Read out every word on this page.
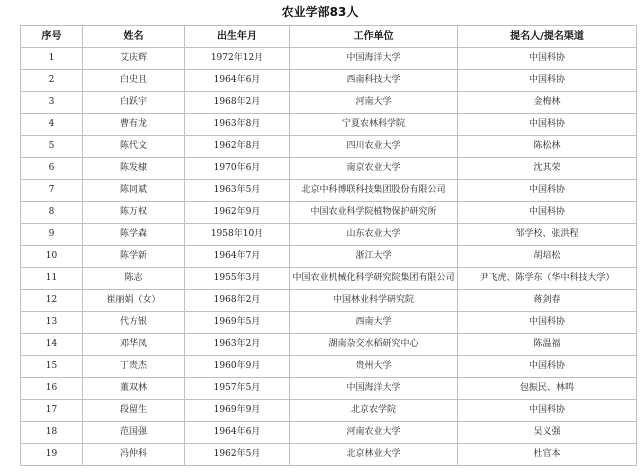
农业学部83人
序号	姓名	出生年月	工作单位	提名人/提名渠道
1	艾庆辉	1972年12月	中国海洋大学	中国科协
2	白史且	1964年6月	西南科技大学	中国科协
3	白跃宇	1968年2月	河南大学	金梅林
4	曹有龙	1963年8月	宁夏农林科学院	中国科协
5	陈代文	1962年8月	四川农业大学	陈松林
6	陈发棣	1970年6月	南京农业大学	沈其荣
7	陈同斌	1963年5月	北京中科博联科技集团股份有限公司	中国科协
8	陈万权	1962年9月	中国农业科学院植物保护研究所	中国科协
9	陈学森	1958年10月	山东农业大学	邹学校、张洪程
10	陈学新	1964年7月	浙江大学	胡培松
11	陈志	1955年3月	中国农业机械化科学研究院集团有限公司	尹飞虎、陈学东（华中科技大学）
12	崔丽娟（女）	1968年2月	中国林业科学研究院	蒋剑春
13	代方银	1969年5月	西南大学	中国科协
14	邓华凤	1963年2月	湖南杂交水稻研究中心	陈温福
15	丁贵杰	1960年9月	贵州大学	中国科协
16	董双林	1957年5月	中国海洋大学	包振民、林鸣
17	段留生	1969年9月	北京农学院	中国科协
18	范国强	1964年6月	河南农业大学	吴义强
19	冯仲科	1962年5月	北京林业大学	杜官本
